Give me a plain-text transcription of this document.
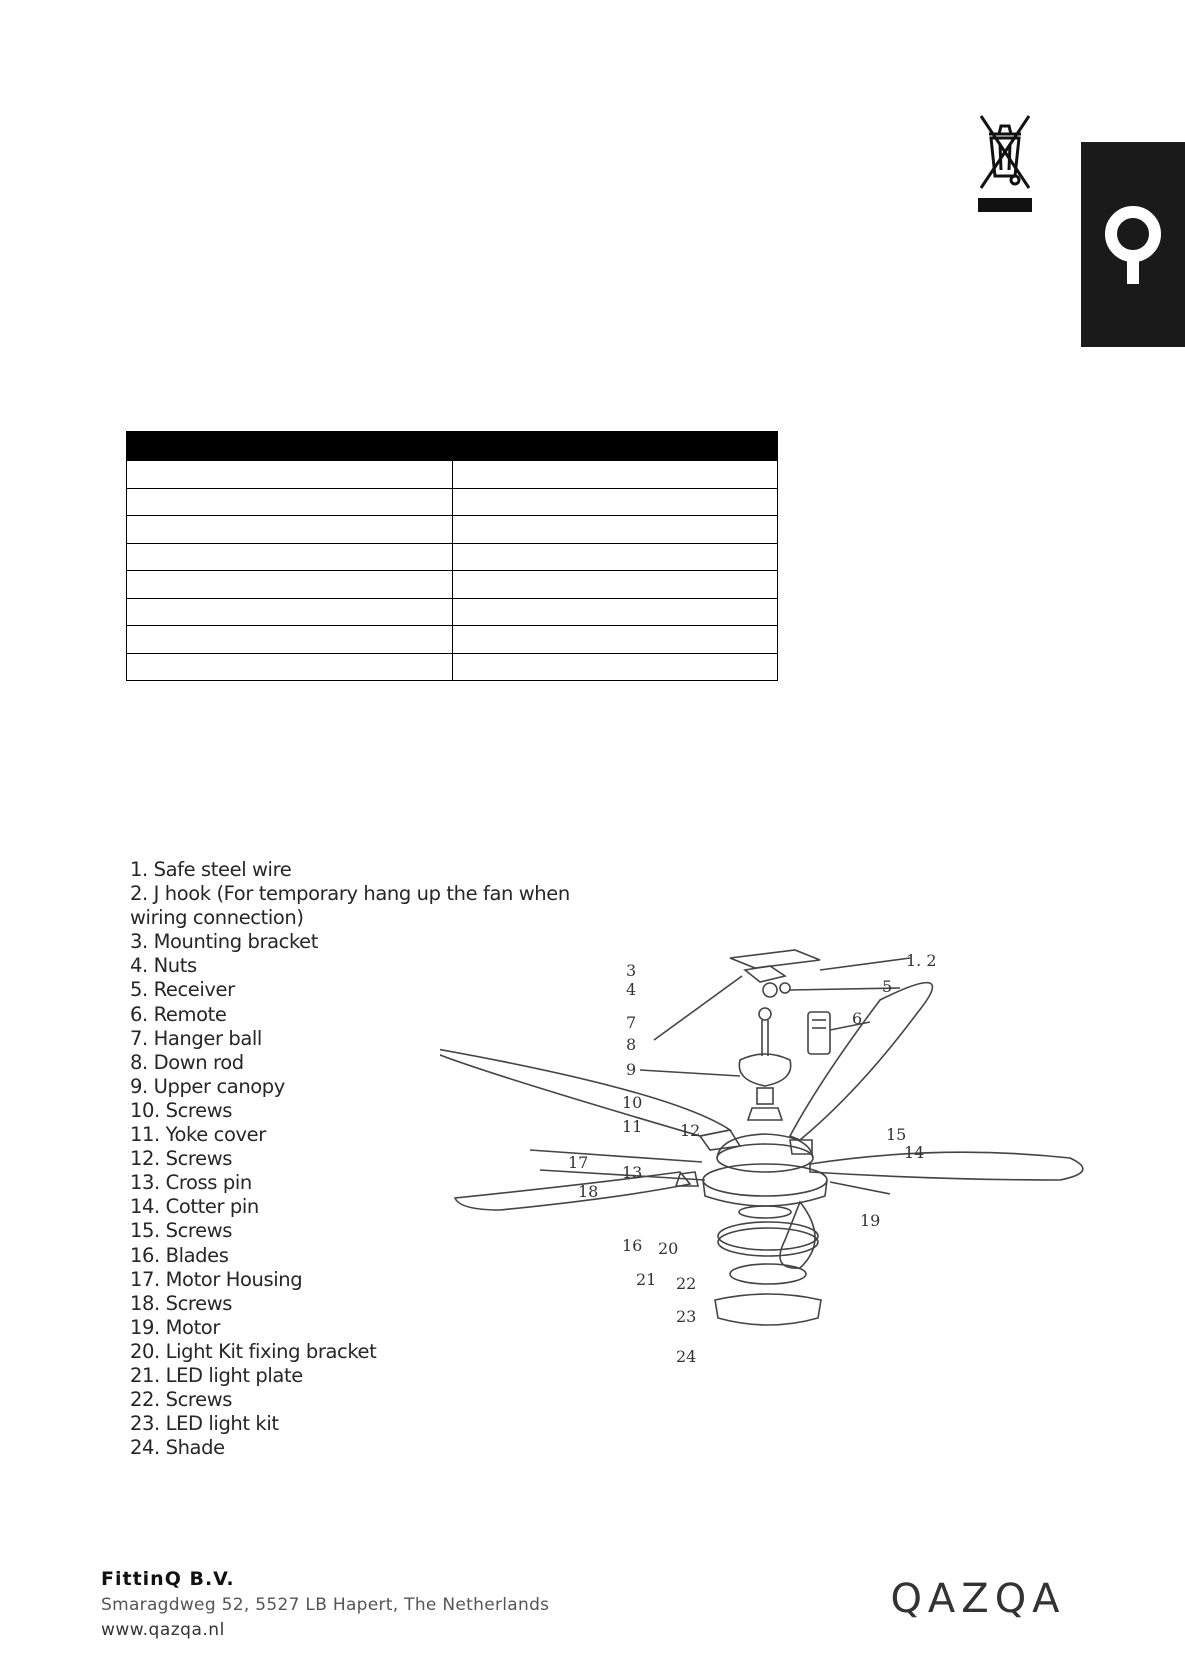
1. Safe steel wire
2. J hook (For temporary hang up the fan when
wiring connection)
3. Mounting bracket
4. Nuts
5. Receiver
6. Remote
7. Hanger ball
8. Down rod
9. Upper canopy
10. Screws
11. Yoke cover
12. Screws
13. Cross pin
14. Cotter pin
15. Screws
16. Blades
17. Motor Housing
18. Screws
19. Motor
20. Light Kit fixing bracket
21. LED light plate
22. Screws
23. LED light kit
24. Shade
1. 2
3
4	5
6
7
8
9
10
11 12
13
14
15
16
17
18
19
20
21 22
23
24
FittinQ B.V.
Smaragdweg 52, 5527 LB Hapert, The Netherlands
www.qazqa.nl
QAZQA
